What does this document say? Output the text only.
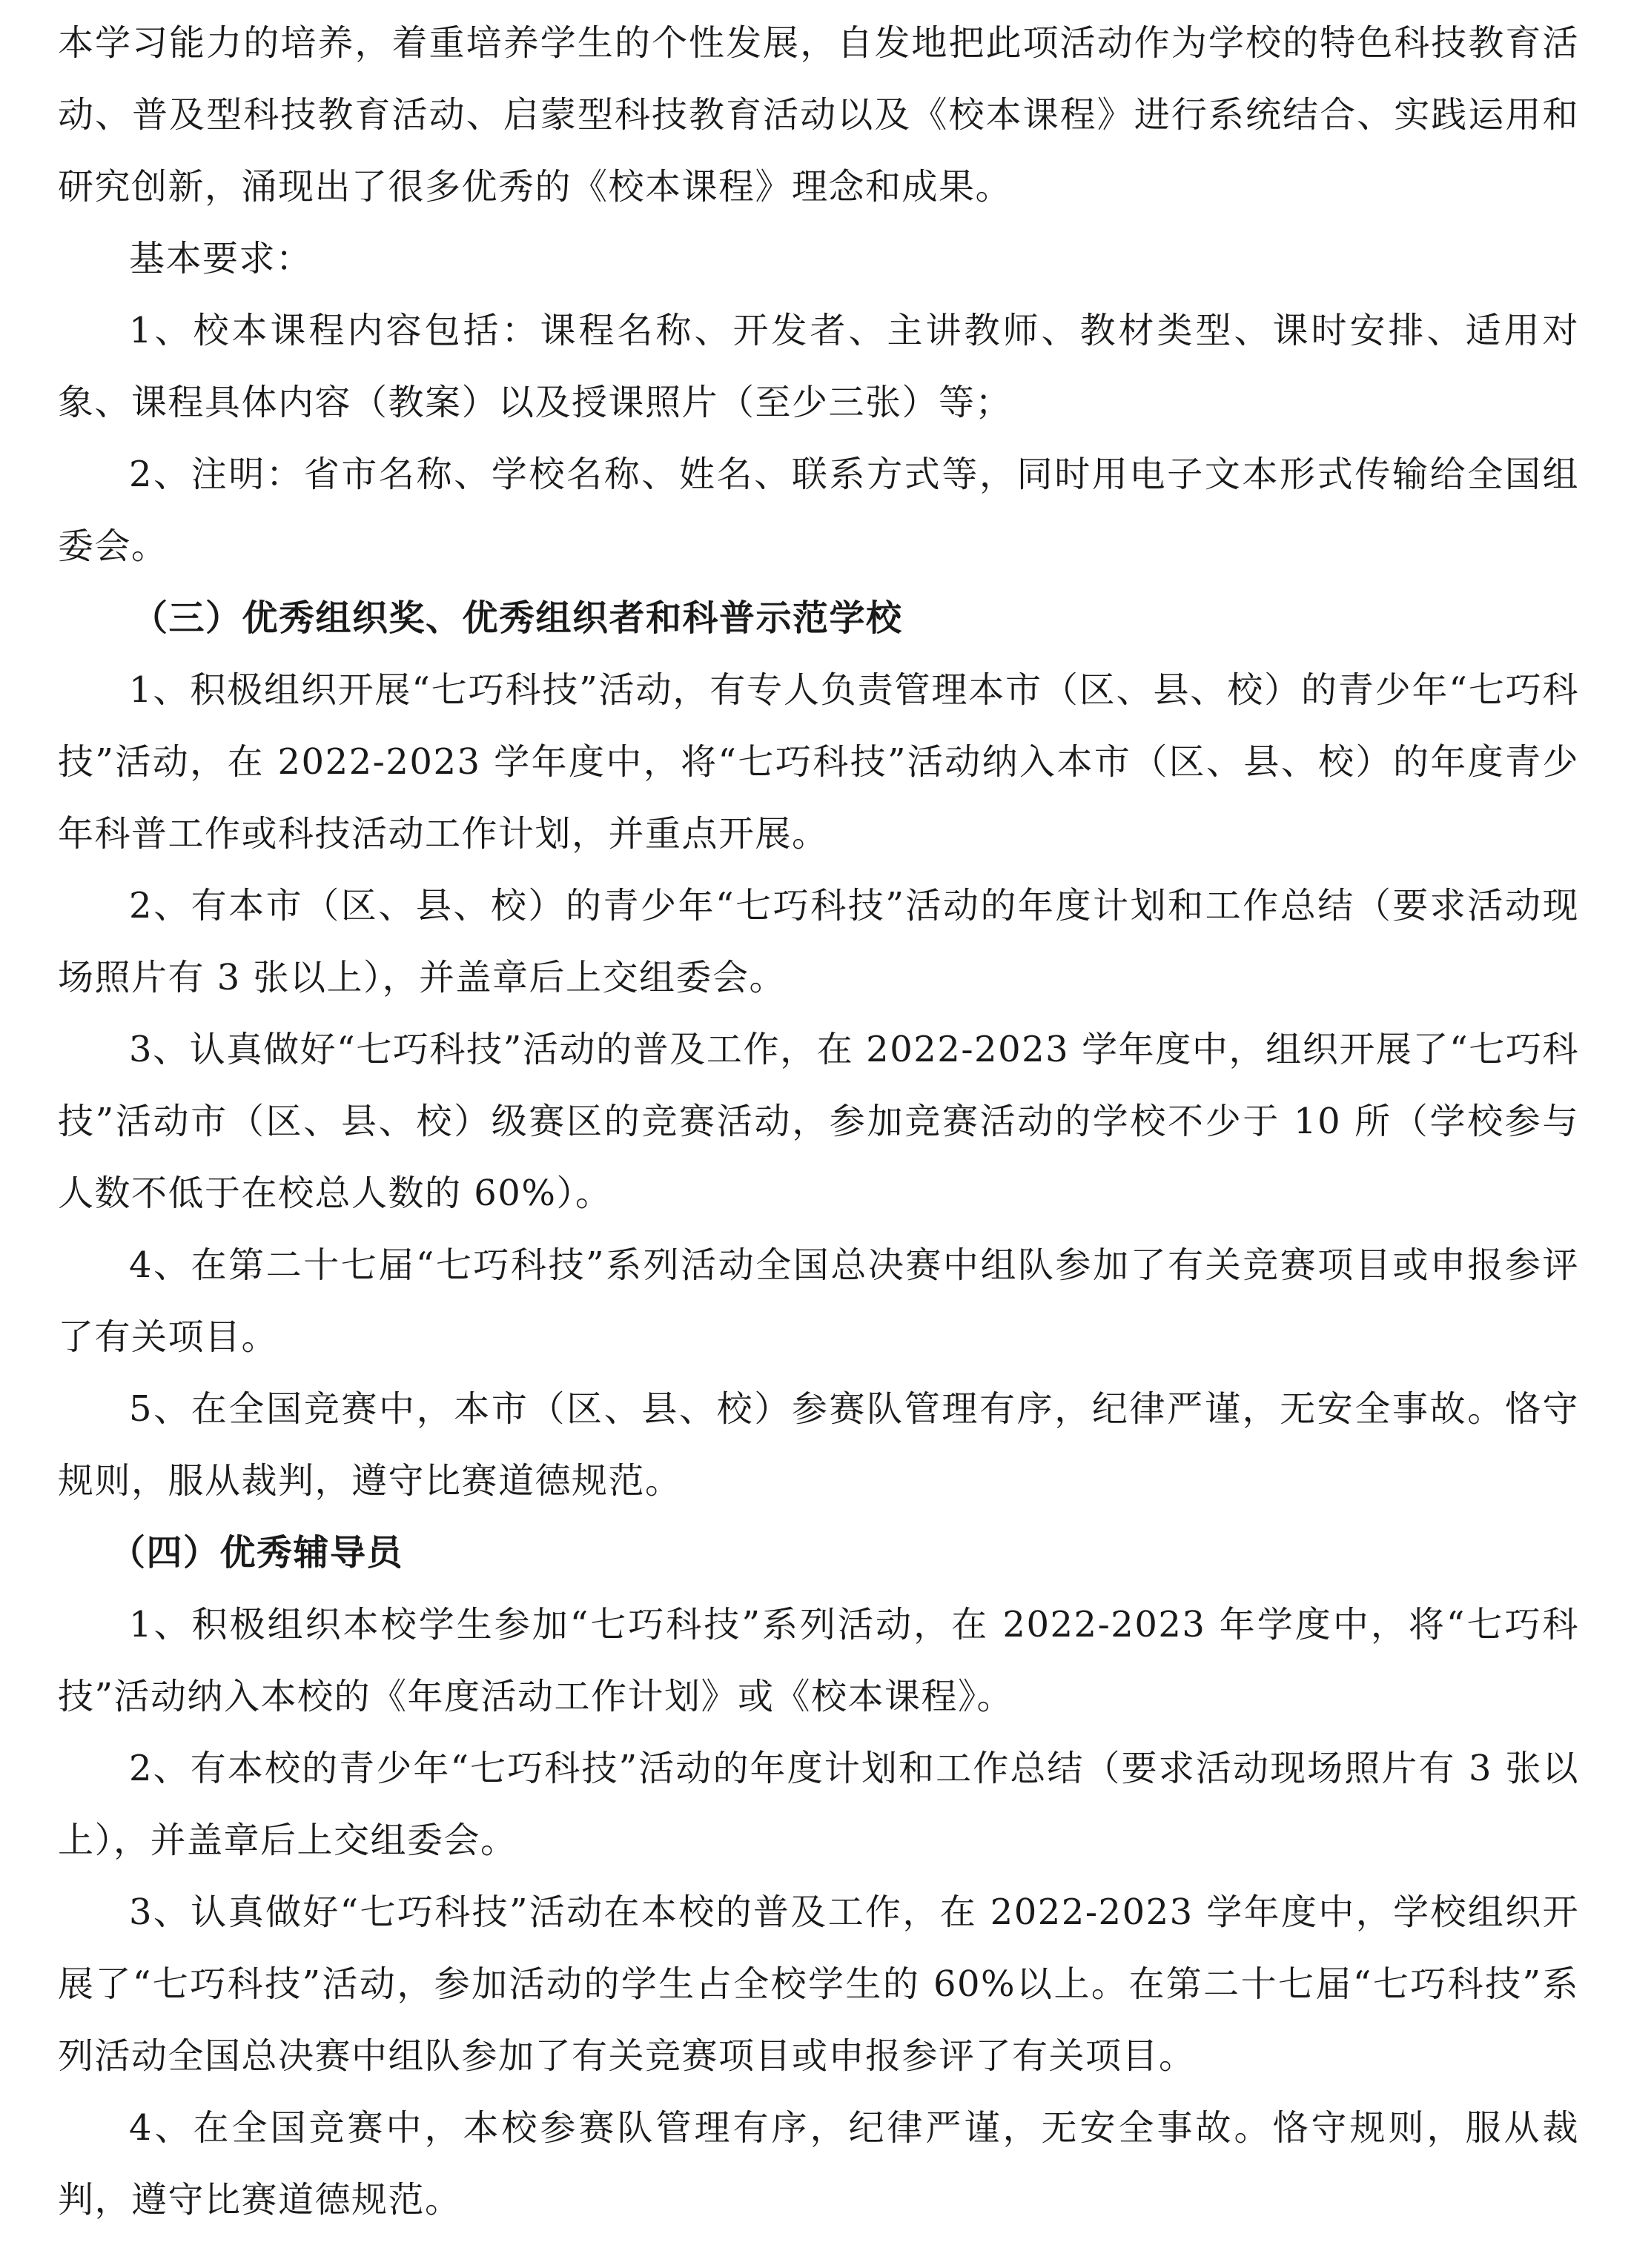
本学习能力的培养，着重培养学生的个性发展，自发地把此项活动作为学校的特色科技教育活动、普及型科技教育活动、启蒙型科技教育活动以及《校本课程》进行系统结合、实践运用和研究创新，涌现出了很多优秀的《校本课程》理念和成果。

基本要求：

1、校本课程内容包括：课程名称、开发者、主讲教师、教材类型、课时安排、适用对象、课程具体内容（教案）以及授课照片（至少三张）等；

2、注明：省市名称、学校名称、姓名、联系方式等，同时用电子文本形式传输给全国组委会。

（三）优秀组织奖、优秀组织者和科普示范学校

1、积极组织开展“七巧科技”活动，有专人负责管理本市（区、县、校）的青少年“七巧科技”活动，在 2022-2023 学年度中，将“七巧科技”活动纳入本市（区、县、校）的年度青少年科普工作或科技活动工作计划，并重点开展。

2、有本市（区、县、校）的青少年“七巧科技”活动的年度计划和工作总结（要求活动现场照片有 3 张以上），并盖章后上交组委会。

3、认真做好“七巧科技”活动的普及工作，在 2022-2023 学年度中，组织开展了“七巧科技”活动市（区、县、校）级赛区的竞赛活动，参加竞赛活动的学校不少于 10 所（学校参与人数不低于在校总人数的 60%）。

4、在第二十七届“七巧科技”系列活动全国总决赛中组队参加了有关竞赛项目或申报参评了有关项目。

5、在全国竞赛中，本市（区、县、校）参赛队管理有序，纪律严谨，无安全事故。恪守规则，服从裁判，遵守比赛道德规范。

（四）优秀辅导员

1、积极组织本校学生参加“七巧科技”系列活动，在 2022-2023 年学度中，将“七巧科技”活动纳入本校的《年度活动工作计划》或《校本课程》。

2、有本校的青少年“七巧科技”活动的年度计划和工作总结（要求活动现场照片有 3 张以上），并盖章后上交组委会。

3、认真做好“七巧科技”活动在本校的普及工作，在 2022-2023 学年度中，学校组织开展了“七巧科技”活动，参加活动的学生占全校学生的 60%以上。在第二十七届“七巧科技”系列活动全国总决赛中组队参加了有关竞赛项目或申报参评了有关项目。

4、在全国竞赛中，本校参赛队管理有序，纪律严谨，无安全事故。恪守规则，服从裁判，遵守比赛道德规范。
